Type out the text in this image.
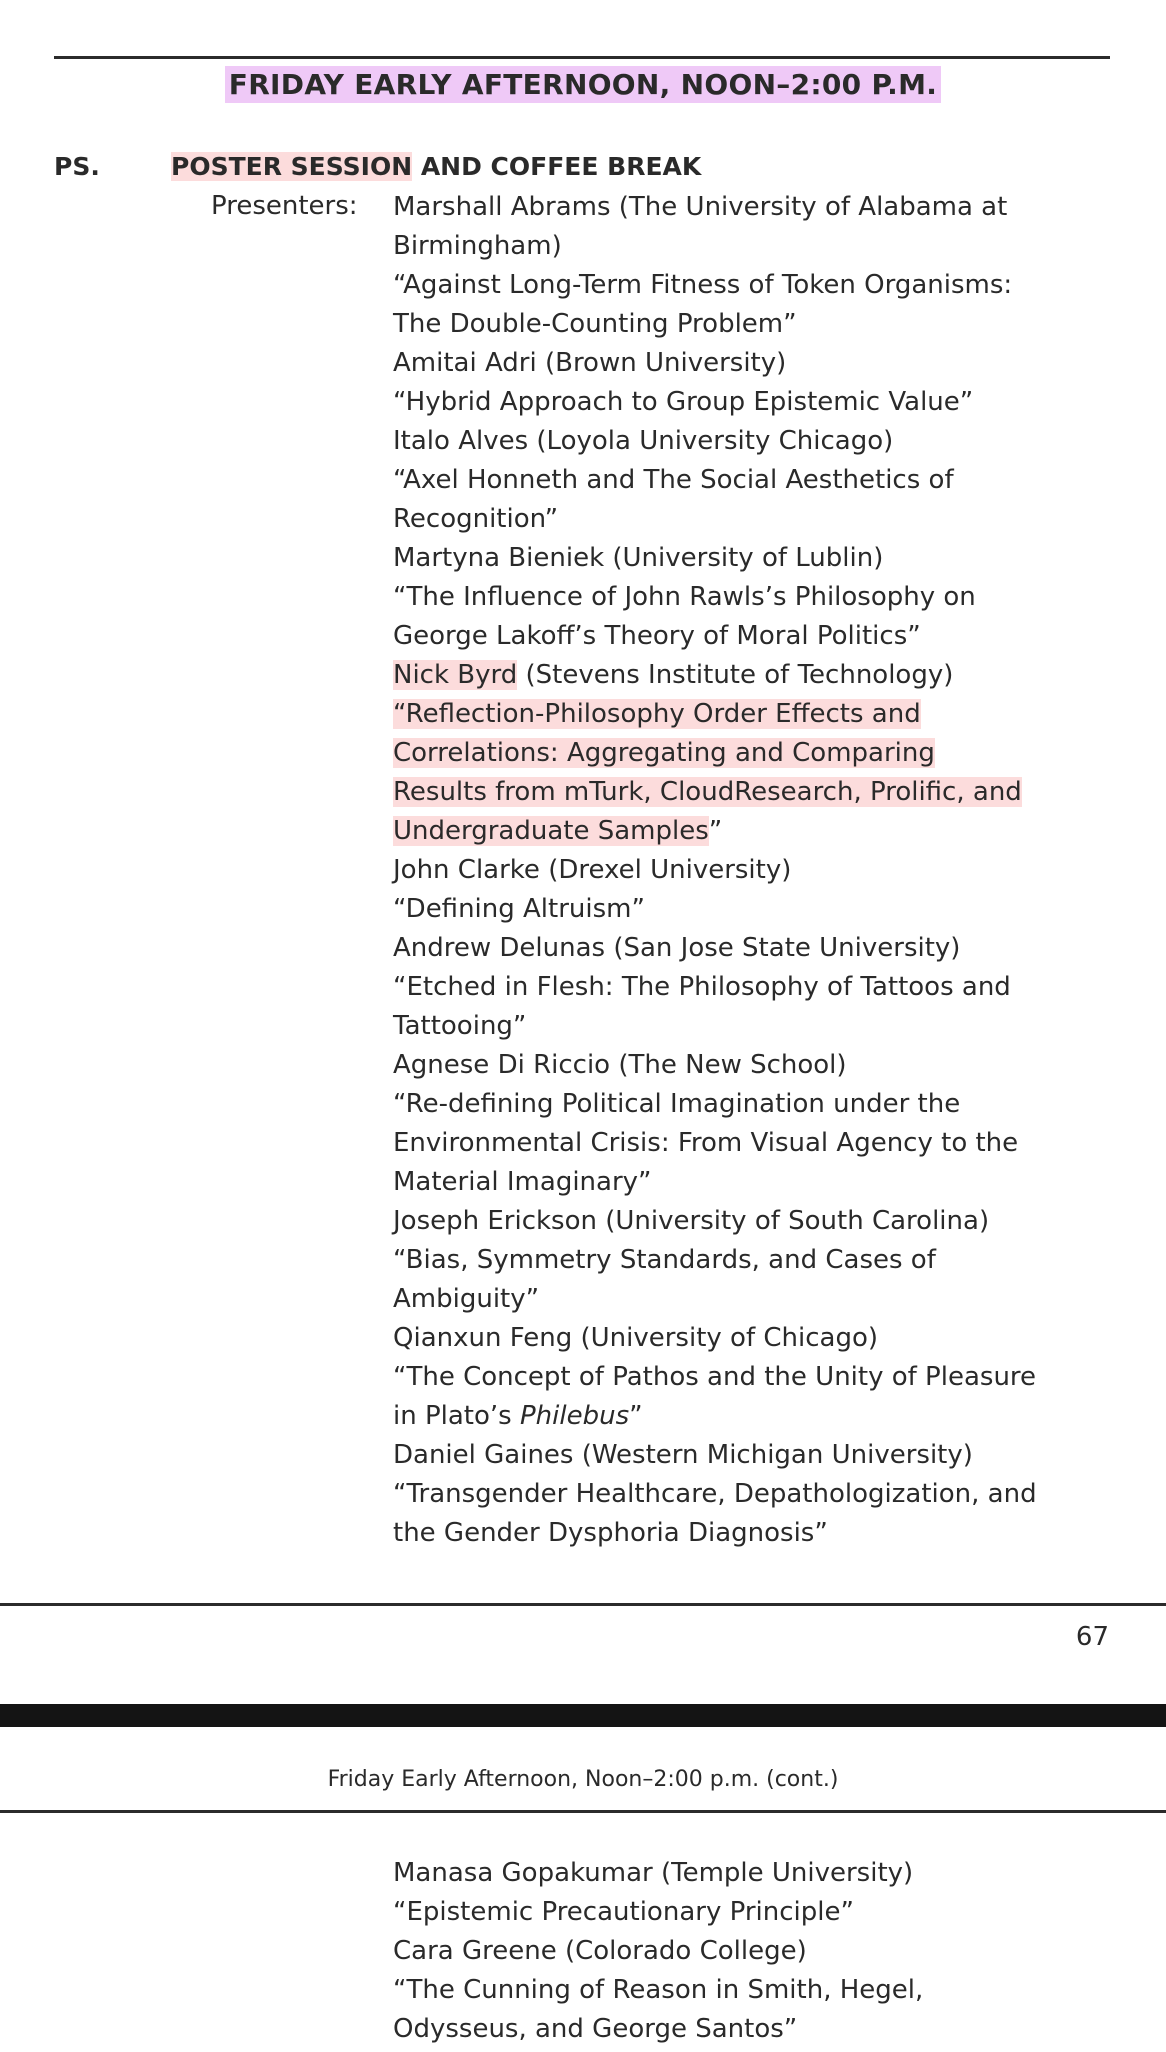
FRIDAY EARLY AFTERNOON, NOON–2:00 P.M.
PS.	POSTER SESSION AND COFFEE BREAK
Presenters: Marshall Abrams (The University of Alabama at
Birmingham)
“Against Long-Term Fitness of Token Organisms:
The Double-Counting Problem”
Amitai Adri (Brown University)
“Hybrid Approach to Group Epistemic Value”
Italo Alves (Loyola University Chicago)
“Axel Honneth and The Social Aesthetics of
Recognition”
Martyna Bieniek (University of Lublin)
“The Influence of John Rawls’s Philosophy on
George Lakoff’s Theory of Moral Politics”
Nick Byrd (Stevens Institute of Technology)
“Reflection-Philosophy Order Effects and
Correlations: Aggregating and Comparing
Results from mTurk, CloudResearch, Prolific, and
Undergraduate Samples”
John Clarke (Drexel University)
“Defining Altruism”
Andrew Delunas (San Jose State University)
“Etched in Flesh: The Philosophy of Tattoos and
Tattooing”
Agnese Di Riccio (The New School)
“Re-defining Political Imagination under the
Environmental Crisis: From Visual Agency to the
Material Imaginary”
Joseph Erickson (University of South Carolina)
“Bias, Symmetry Standards, and Cases of
Ambiguity”
Qianxun Feng (University of Chicago)
“The Concept of Pathos and the Unity of Pleasure
in Plato’s Philebus”
Daniel Gaines (Western Michigan University)
“Transgender Healthcare, Depathologization, and
the Gender Dysphoria Diagnosis”
67
Friday Early Afternoon, Noon–2:00 p.m. (cont.)
Manasa Gopakumar (Temple University)
“Epistemic Precautionary Principle”
Cara Greene (Colorado College)
“The Cunning of Reason in Smith, Hegel,
Odysseus, and George Santos”
